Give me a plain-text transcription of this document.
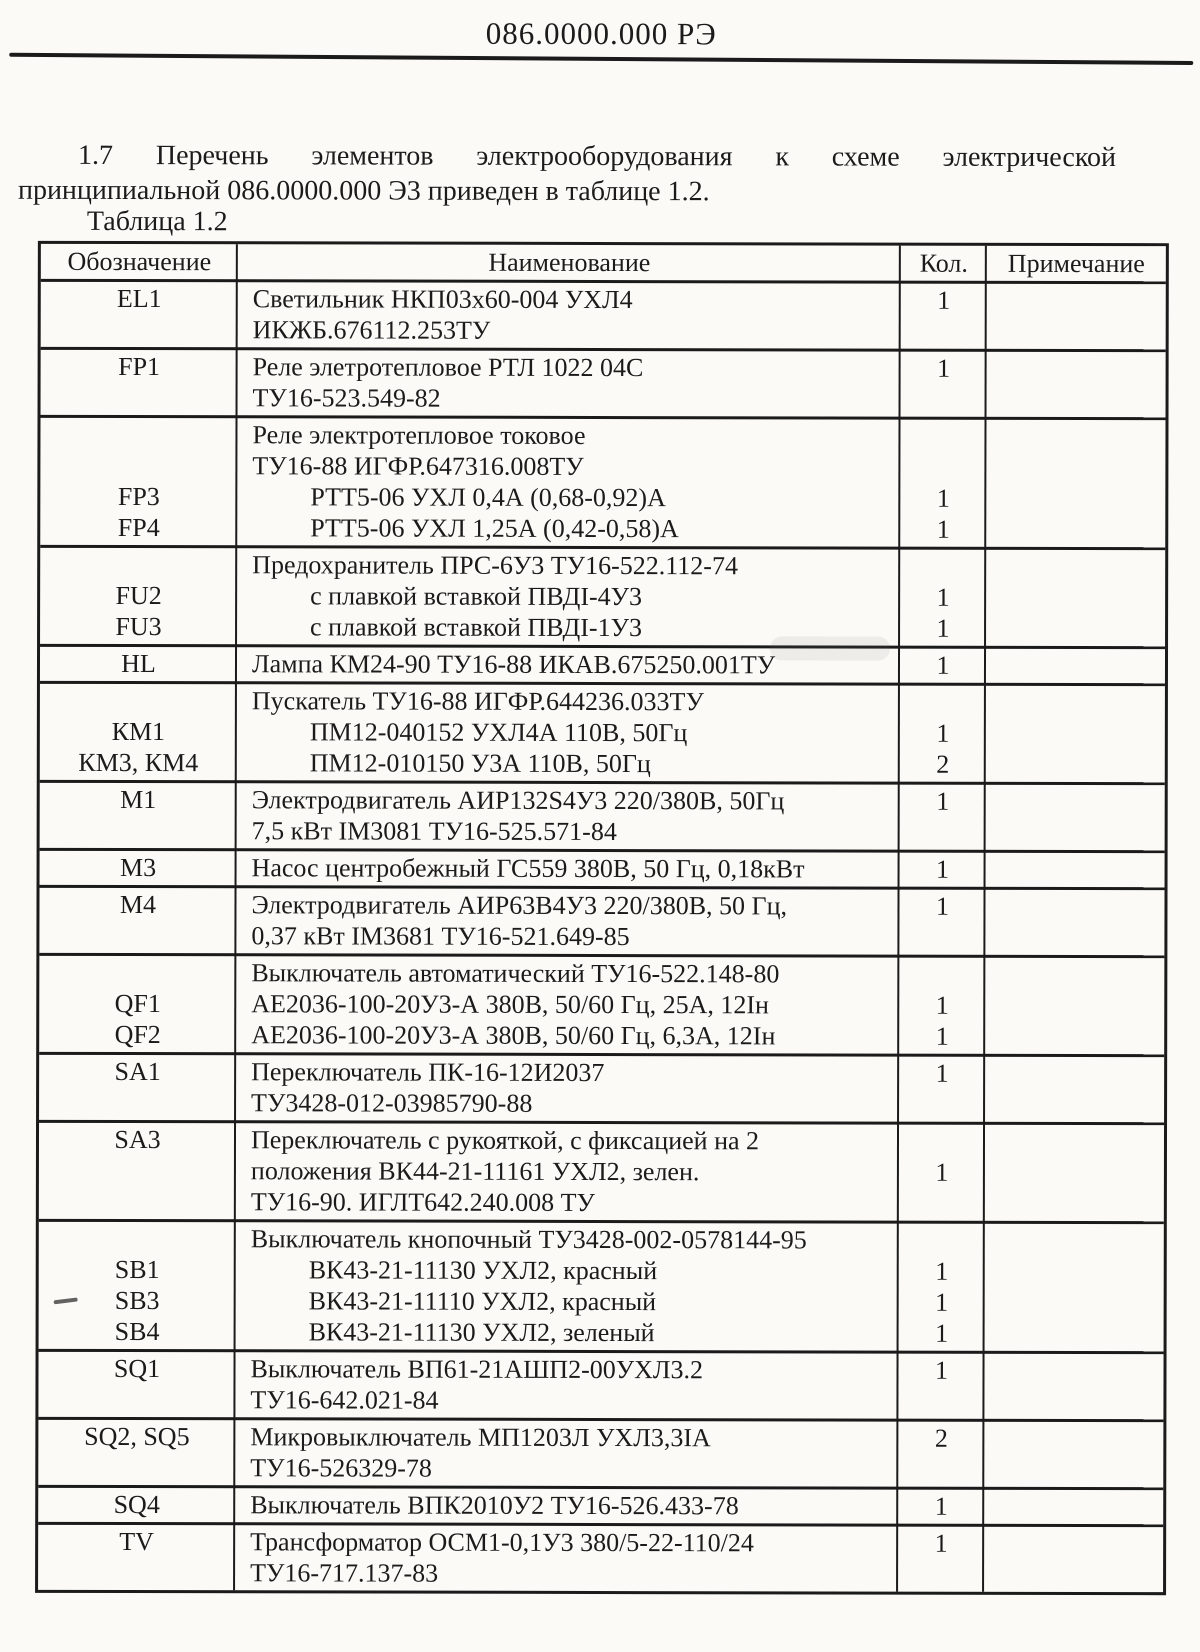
086.0000.000 РЭ
1.7 Перечень элементов электрооборудования к схеме электрической
принципиальной 086.0000.000 Э3 приведен в таблице 1.2.
Таблица 1.2
Обозначение	Наименование	Кол.	Примечание
EL1	Светильник НКП03х60-004 УХЛ4	1
ИКЖБ.676112.253ТУ
FP1	Реле элетротепловое РТЛ 1022 04С	1
ТУ16-523.549-82
Реле электротепловое токовое
ТУ16-88 ИГФР.647316.008ТУ
FP3	РТТ5-06 УХЛ 0,4А (0,68-0,92)А	1
FP4	РТТ5-06 УХЛ 1,25А (0,42-0,58)А	1
Предохранитель ПРС-6У3 ТУ16-522.112-74
FU2	с плавкой вставкой ПВДI-4У3	1
FU3	с плавкой вставкой ПВДI-1У3	1
HL	Лампа КМ24-90 ТУ16-88 ИКАВ.675250.001ТУ	1
Пускатель ТУ16-88 ИГФР.644236.033ТУ
КМ1	ПМ12-040152 УХЛ4А 110В, 50Гц	1
КМ3, КМ4	ПМ12-010150 У3А 110В, 50Гц	2
М1	Электродвигатель АИР132S4У3 220/380В, 50Гц	1
7,5 кВт IМ3081 ТУ16-525.571-84
М3	Насос центробежный ГС559 380В, 50 Гц, 0,18кВт	1
М4	Электродвигатель АИР63В4У3 220/380В, 50 Гц,	1
0,37 кВт IМ3681 ТУ16-521.649-85
Выключатель автоматический ТУ16-522.148-80
QF1	АЕ2036-100-20У3-А 380В, 50/60 Гц, 25А, 12Iн	1
QF2	АЕ2036-100-20У3-А 380В, 50/60 Гц, 6,3А, 12Iн	1
SA1	Переключатель ПК-16-12И2037	1
ТУ3428-012-03985790-88
SA3	Переключатель с рукояткой, с фиксацией на 2
положения ВК44-21-11161 УХЛ2, зелен.	1
ТУ16-90. ИГЛТ642.240.008 ТУ
Выключатель кнопочный ТУ3428-002-0578144-95
SB1	ВК43-21-11130 УХЛ2, красный	1
SB3	ВК43-21-11110 УХЛ2, красный	1
SB4	ВК43-21-11130 УХЛ2, зеленый	1
SQ1	Выключатель ВП61-21АШП2-00УХЛ3.2	1
ТУ16-642.021-84
SQ2, SQ5	Микровыключатель МП1203Л УХЛ3,3IА	2
ТУ16-526329-78
SQ4	Выключатель ВПК2010У2 ТУ16-526.433-78	1
TV	Трансформатор ОСМ1-0,1У3 380/5-22-110/24	1
ТУ16-717.137-83
